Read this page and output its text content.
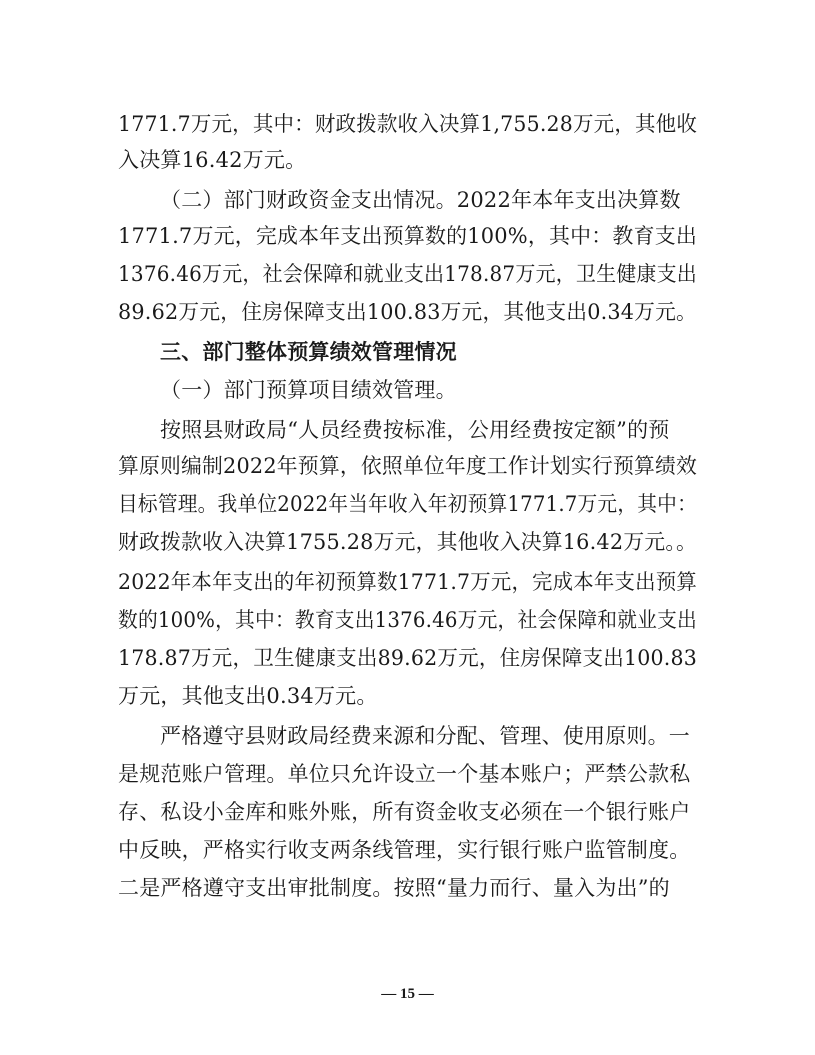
1771.7万元，其中：财政拨款收入决算1,755.28万元，其他收
入决算16.42万元。
（二）部门财政资金支出情况。2022年本年支出决算数
1771.7万元，完成本年支出预算数的100%，其中：教育支出
1376.46万元，社会保障和就业支出178.87万元，卫生健康支出
89.62万元，住房保障支出100.83万元，其他支出0.34万元。
三、部门整体预算绩效管理情况
（一）部门预算项目绩效管理。
按照县财政局“人员经费按标准，公用经费按定额”的预
算原则编制2022年预算，依照单位年度工作计划实行预算绩效
目标管理。我单位2022年当年收入年初预算1771.7万元，其中：
财政拨款收入决算1755.28万元，其他收入决算16.42万元。。
2022年本年支出的年初预算数1771.7万元，完成本年支出预算
数的100%，其中：教育支出1376.46万元，社会保障和就业支出
178.87万元，卫生健康支出89.62万元，住房保障支出100.83
万元，其他支出0.34万元。
严格遵守县财政局经费来源和分配、管理、使用原则。一
是规范账户管理。单位只允许设立一个基本账户；严禁公款私
存、私设小金库和账外账，所有资金收支必须在一个银行账户
中反映，严格实行收支两条线管理，实行银行账户监管制度。
二是严格遵守支出审批制度。按照“量力而行、量入为出”的
— 15 —
